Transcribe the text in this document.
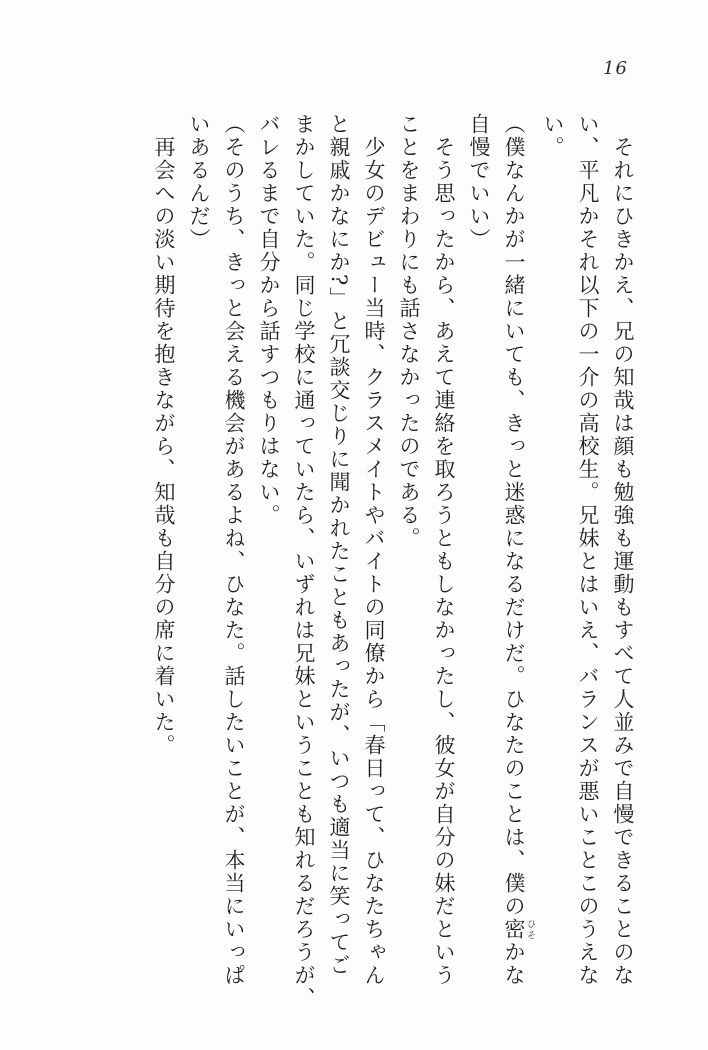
16
　それにひきかえ、兄の知哉は顔も勉強も運動もすべて人並みで自慢できることのな
い、平凡かそれ以下の一介の高校生。兄妹とはいえ、バランスが悪いことこのうえな
い。
（僕なんかが一緒にいても、きっと迷惑になるだけだ。ひなたのことは、僕の密 ひそかな
自慢でいい）
　そう思ったから、あえて連絡を取ろうともしなかったし、彼女が自分の妹だという
ことをまわりにも話さなかったのである。
　少女のデビュー当時、クラスメイトやバイトの同僚から「春日って、ひなたちゃん
と親戚かなにか?」と冗談交じりに聞かれたこともあったが、いつも適当に笑ってご
まかしていた。同じ学校に通っていたら、いずれは兄妹ということも知れるだろうが、
バレるまで自分から話すつもりはない。
（そのうち、きっと会える機会があるよね、ひなた。話したいことが、本当にいっぱ
いあるんだ）
　再会への淡い期待を抱きながら、知哉も自分の席に着いた。
